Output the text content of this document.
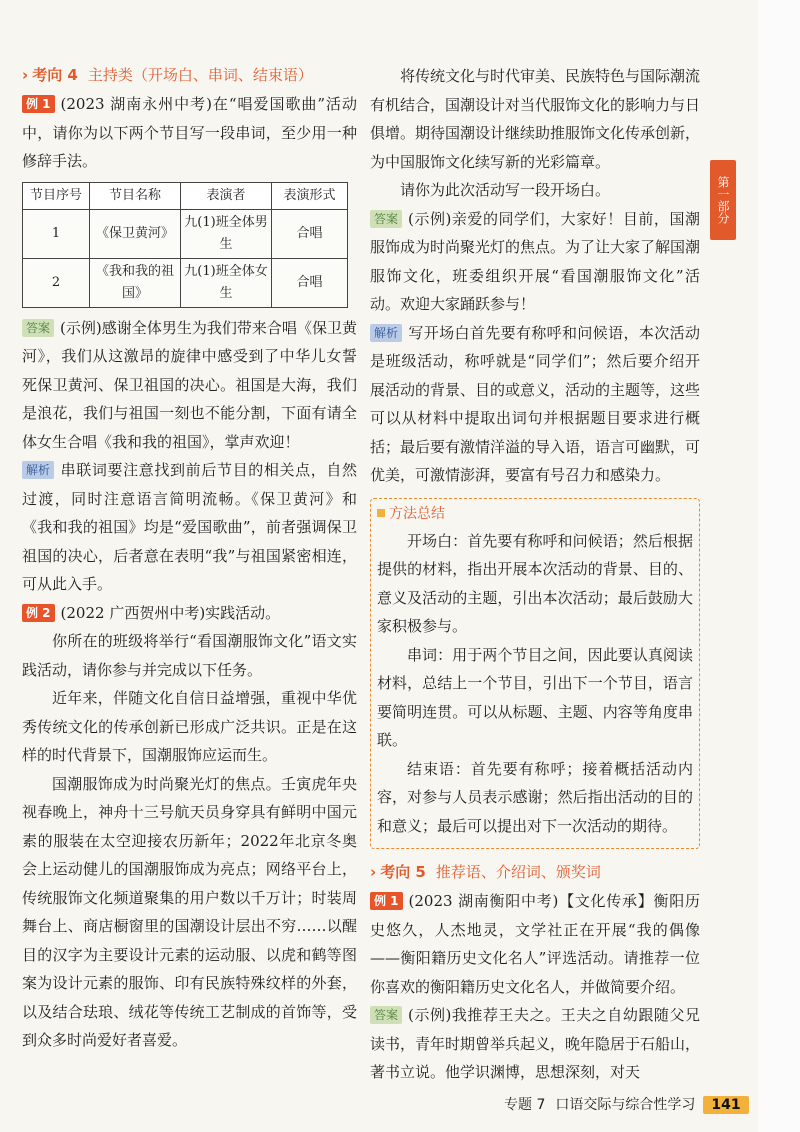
› 考向 4 主持类（开场白、串词、结束语）

例 1 (2023 湖南永州中考)在“唱爱国歌曲”活动中，请你为以下两个节目写一段串词，至少用一种修辞手法。

节目序号	节目名称	表演者	表演形式
1	《保卫黄河》	九(1)班全体男生	合唱
2	《我和我的祖国》	九(1)班全体女生	合唱

答案 (示例)感谢全体男生为我们带来合唱《保卫黄河》，我们从这激昂的旋律中感受到了中华儿女誓死保卫黄河、保卫祖国的决心。祖国是大海，我们是浪花，我们与祖国一刻也不能分割，下面有请全体女生合唱《我和我的祖国》，掌声欢迎！

解析 串联词要注意找到前后节目的相关点，自然过渡，同时注意语言简明流畅。《保卫黄河》和《我和我的祖国》均是“爱国歌曲”，前者强调保卫祖国的决心，后者意在表明“我”与祖国紧密相连，可从此入手。

例 2 (2022 广西贺州中考)实践活动。

你所在的班级将举行“看国潮服饰文化”语文实践活动，请你参与并完成以下任务。

近年来，伴随文化自信日益增强，重视中华优秀传统文化的传承创新已形成广泛共识。正是在这样的时代背景下，国潮服饰应运而生。

国潮服饰成为时尚聚光灯的焦点。壬寅虎年央视春晚上，神舟十三号航天员身穿具有鲜明中国元素的服装在太空迎接农历新年；2022年北京冬奥会上运动健儿的国潮服饰成为亮点；网络平台上，传统服饰文化频道聚集的用户数以千万计；时装周舞台上、商店橱窗里的国潮设计层出不穷……以醒目的汉字为主要设计元素的运动服、以虎和鹤等图案为设计元素的服饰、印有民族特殊纹样的外套，以及结合珐琅、绒花等传统工艺制成的首饰等，受到众多时尚爱好者喜爱。

将传统文化与时代审美、民族特色与国际潮流有机结合，国潮设计对当代服饰文化的影响力与日俱增。期待国潮设计继续助推服饰文化传承创新，为中国服饰文化续写新的光彩篇章。

请你为此次活动写一段开场白。

答案 (示例)亲爱的同学们，大家好！目前，国潮服饰成为时尚聚光灯的焦点。为了让大家了解国潮服饰文化，班委组织开展“看国潮服饰文化”活动。欢迎大家踊跃参与！

解析 写开场白首先要有称呼和问候语，本次活动是班级活动，称呼就是“同学们”；然后要介绍开展活动的背景、目的或意义，活动的主题等，这些可以从材料中提取出词句并根据题目要求进行概括；最后要有激情洋溢的导入语，语言可幽默，可优美，可激情澎湃，要富有号召力和感染力。

方法总结

开场白：首先要有称呼和问候语；然后根据提供的材料，指出开展本次活动的背景、目的、意义及活动的主题，引出本次活动；最后鼓励大家积极参与。

串词：用于两个节目之间，因此要认真阅读材料，总结上一个节目，引出下一个节目，语言要简明连贯。可以从标题、主题、内容等角度串联。

结束语：首先要有称呼；接着概括活动内容，对参与人员表示感谢；然后指出活动的目的和意义；最后可以提出对下一次活动的期待。

› 考向 5 推荐语、介绍词、颁奖词

例 1 (2023 湖南衡阳中考)【文化传承】衡阳历史悠久，人杰地灵，文学社正在开展“我的偶像——衡阳籍历史文化名人”评选活动。请推荐一位你喜欢的衡阳籍历史文化名人，并做简要介绍。

答案 (示例)我推荐王夫之。王夫之自幼跟随父兄读书，青年时期曾举兵起义，晚年隐居于石船山，著书立说。他学识渊博，思想深刻，对天

第一部分
专题 7 口语交际与综合性学习 141
